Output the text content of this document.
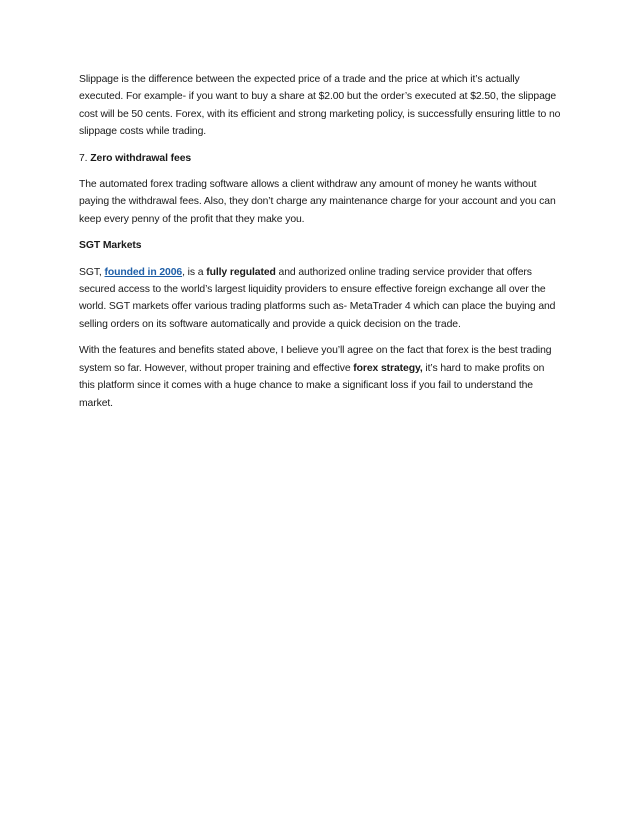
Slippage is the difference between the expected price of a trade and the price at which it’s actually executed. For example- if you want to buy a share at $2.00 but the order’s executed at $2.50, the slippage cost will be 50 cents. Forex, with its efficient and strong marketing policy, is successfully ensuring little to no slippage costs while trading.

7. Zero withdrawal fees

The automated forex trading software allows a client withdraw any amount of money he wants without paying the withdrawal fees. Also, they don’t charge any maintenance charge for your account and you can keep every penny of the profit that they make you.

SGT Markets

SGT, founded in 2006, is a fully regulated and authorized online trading service provider that offers secured access to the world’s largest liquidity providers to ensure effective foreign exchange all over the world. SGT markets offer various trading platforms such as- MetaTrader 4 which can place the buying and selling orders on its software automatically and provide a quick decision on the trade.

With the features and benefits stated above, I believe you’ll agree on the fact that forex is the best trading system so far. However, without proper training and effective forex strategy, it’s hard to make profits on this platform since it comes with a huge chance to make a significant loss if you fail to understand the market.
